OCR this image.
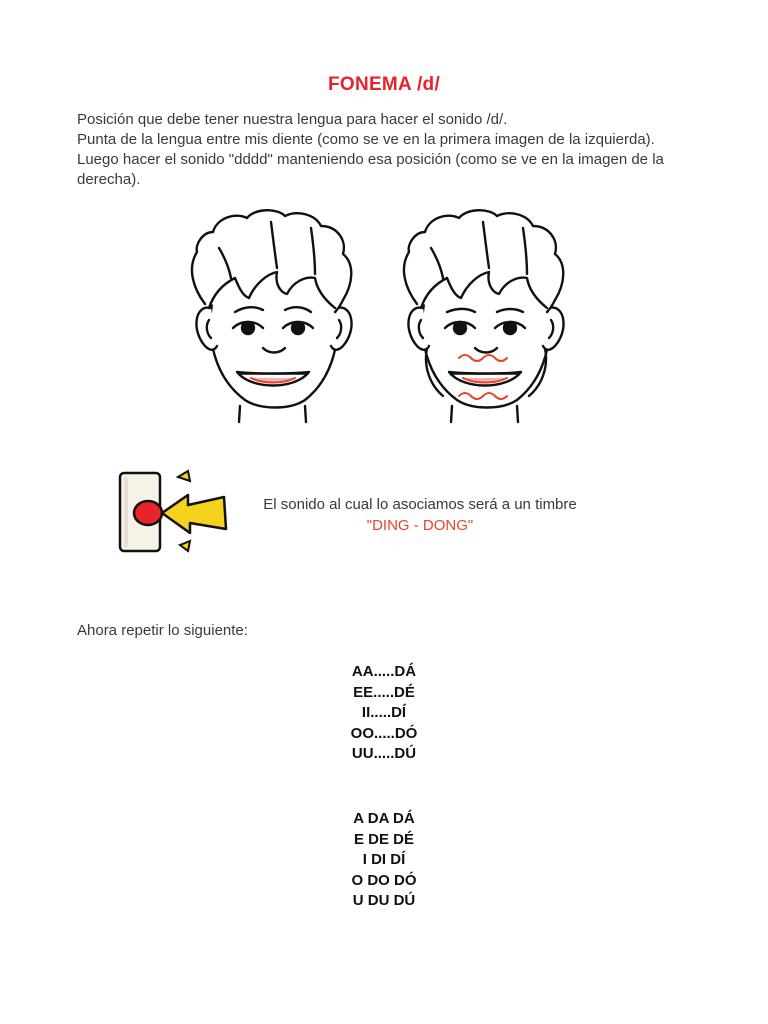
FONEMA /d/

Posición que debe tener nuestra lengua para hacer el sonido /d/.

Punta de la lengua entre mis diente (como se ve en la primera imagen de la izquierda).

Luego hacer el sonido "dddd" manteniendo esa posición (como se ve en la imagen de la derecha).

El sonido al cual lo asociamos será a un timbre
"DING - DONG"
Ahora repetir lo siguiente:
AA.....DÁ
EE.....DÉ
II.....DÍ
OO.....DÓ
UU.....DÚ
A DA DÁ
E DE DÉ
I DI DÍ
O DO DÓ
U DU DÚ
